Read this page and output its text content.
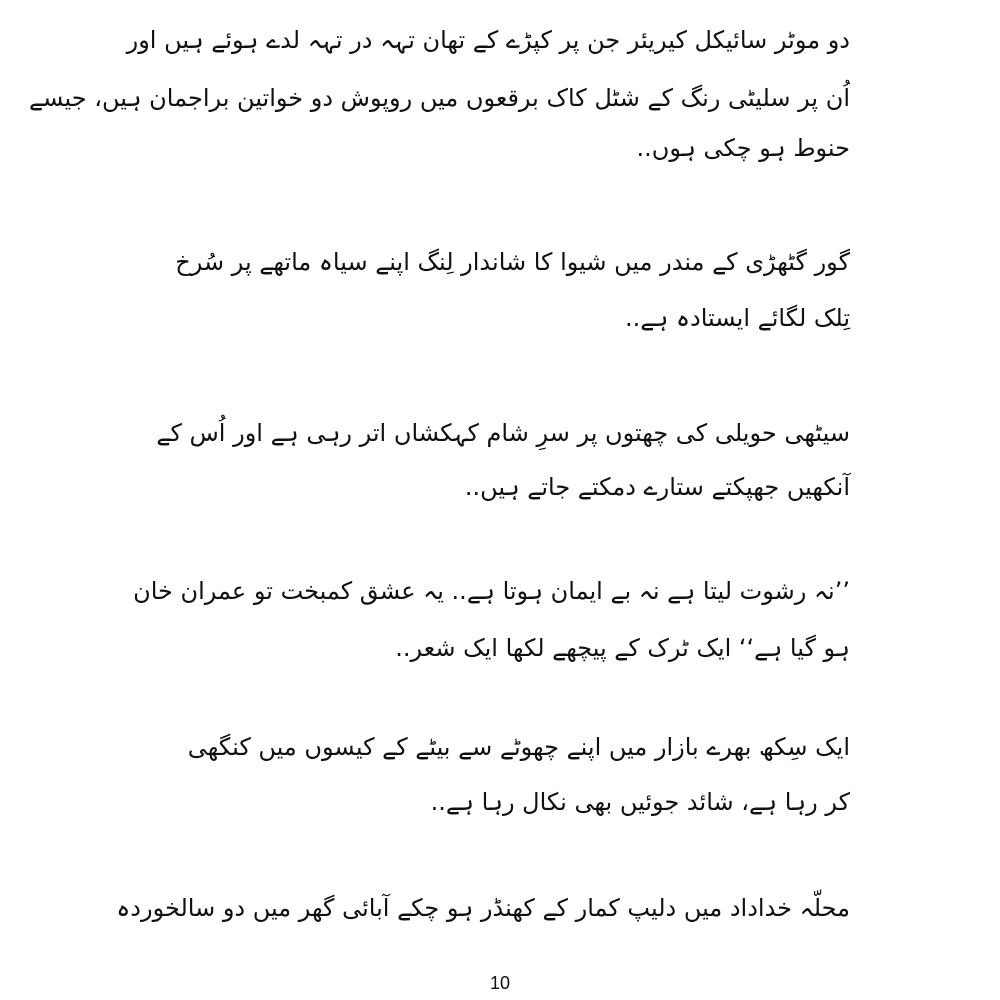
دو موٹر سائیکل کیریئر جن پر کپڑے کے تھان تہہ در تہہ لدے ہوئے ہیں اور
اُن پر سلیٹی رنگ کے شٹل کاک برقعوں میں روپوش دو خواتین براجمان ہیں، جیسے
حنوط ہو چکی ہوں..
گور گٹھڑی کے مندر میں شیوا کا شاندار لِنگ اپنے سیاہ ماتھے پر سُرخ
تِلک لگائے ایستادہ ہے..
سیٹھی حویلی کی چھتوں پر سرِ شام کہکشاں اتر رہی ہے اور اُس کے
آنکھیں جھپکتے ستارے دمکتے جاتے ہیں..
’’نہ رشوت لیتا ہے نہ بے ایمان ہوتا ہے.. یہ عشق کمبخت تو عمران خان
ہو گیا ہے‘‘ ایک ٹرک کے پیچھے لکھا ایک شعر..
ایک سِکھ بھرے بازار میں اپنے چھوٹے سے بیٹے کے کیسوں میں کنگھی
کر رہا ہے، شائد جوئیں بھی نکال رہا ہے..
محلّہ خداداد میں دلیپ کمار کے کھنڈر ہو چکے آبائی گھر میں دو سالخوردہ
10
